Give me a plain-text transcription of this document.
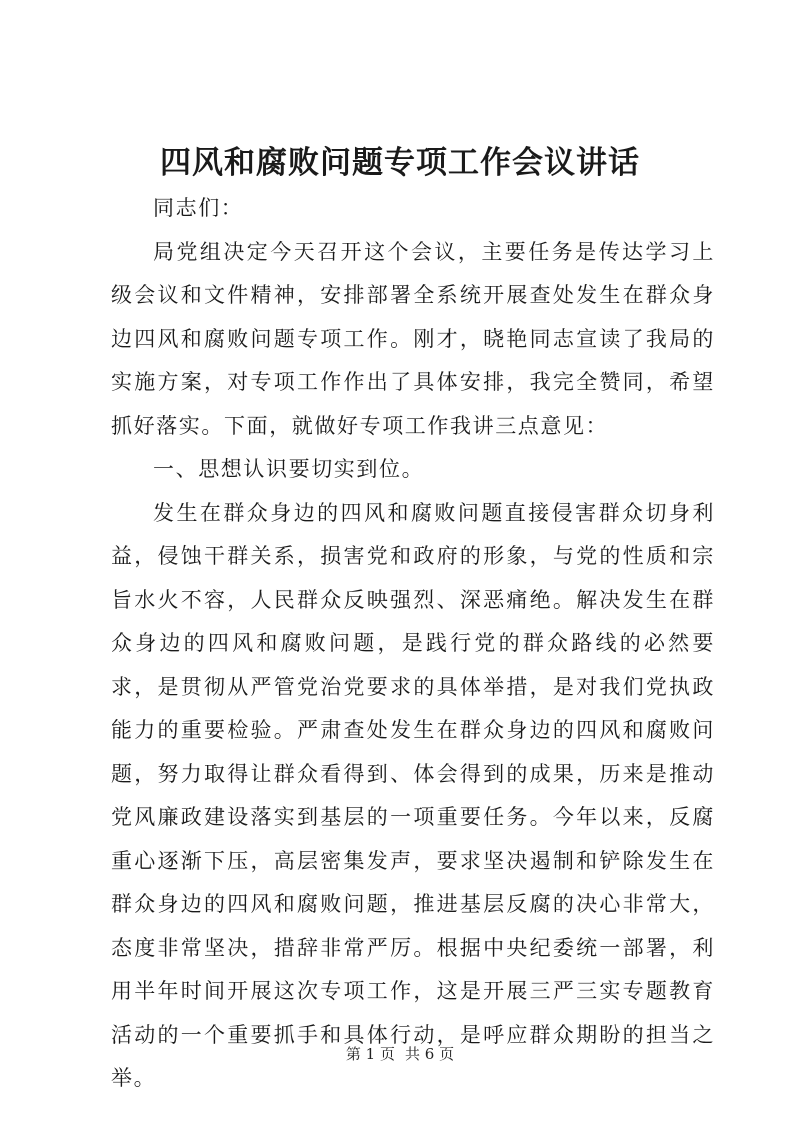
四风和腐败问题专项工作会议讲话

同志们：

局党组决定今天召开这个会议，主要任务是传达学习上级会议和文件精神，安排部署全系统开展查处发生在群众身边四风和腐败问题专项工作。刚才，晓艳同志宣读了我局的实施方案，对专项工作作出了具体安排，我完全赞同，希望抓好落实。下面，就做好专项工作我讲三点意见：

一、思想认识要切实到位。

发生在群众身边的四风和腐败问题直接侵害群众切身利益，侵蚀干群关系，损害党和政府的形象，与党的性质和宗旨水火不容，人民群众反映强烈、深恶痛绝。解决发生在群众身边的四风和腐败问题，是践行党的群众路线的必然要求，是贯彻从严管党治党要求的具体举措，是对我们党执政能力的重要检验。严肃查处发生在群众身边的四风和腐败问题，努力取得让群众看得到、体会得到的成果，历来是推动党风廉政建设落实到基层的一项重要任务。今年以来，反腐重心逐渐下压，高层密集发声，要求坚决遏制和铲除发生在群众身边的四风和腐败问题，推进基层反腐的决心非常大，态度非常坚决，措辞非常严厉。根据中央纪委统一部署，利用半年时间开展这次专项工作，这是开展三严三实专题教育活动的一个重要抓手和具体行动，是呼应群众期盼的担当之举。

第 1 页 共 6 页
